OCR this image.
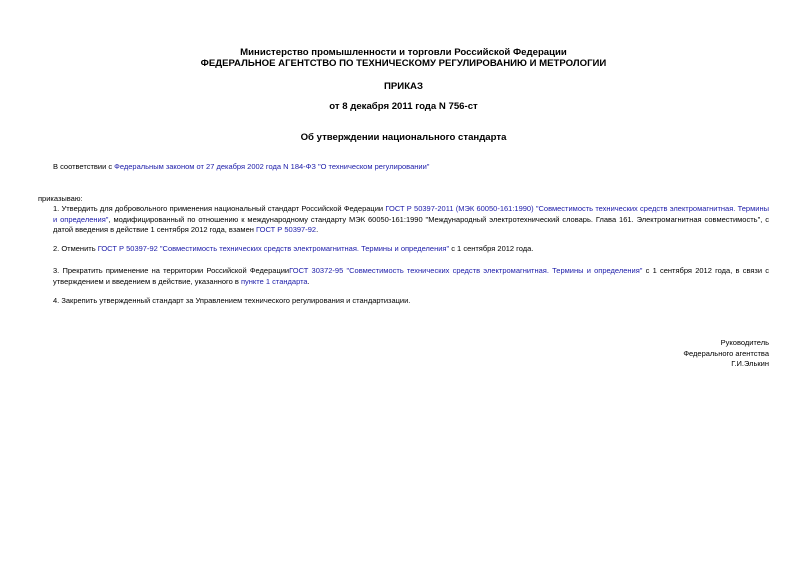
Министерство промышленности и торговли Российской Федерации
ФЕДЕРАЛЬНОЕ АГЕНТСТВО ПО ТЕХНИЧЕСКОМУ РЕГУЛИРОВАНИЮ И МЕТРОЛОГИИ
ПРИКАЗ
от 8 декабря 2011 года N 756-ст
Об утверждении национального стандарта
В соответствии с Федеральным законом от 27 декабря 2002 года N 184-ФЗ "О техническом регулировании"
приказываю:
1. Утвердить для добровольного применения национальный стандарт Российской Федерации ГОСТ Р 50397-2011 (МЭК 60050-161:1990) "Совместимость технических средств электромагнитная. Термины и определения", модифицированный по отношению к международному стандарту МЭК 60050-161:1990 "Международный электротехнический словарь. Глава 161. Электромагнитная совместимость", с датой введения в действие 1 сентября 2012 года, взамен ГОСТ Р 50397-92.
2. Отменить ГОСТ Р 50397-92 "Совместимость технических средств электромагнитная. Термины и определения" с 1 сентября 2012 года.
3. Прекратить применение на территории Российской ФедерацииГОСТ 30372-95 "Совместимость технических средств электромагнитная. Термины и определения" с 1 сентября 2012 года, в связи с утверждением и введением в действие, указанного в пункте 1 стандарта.
4. Закрепить утвержденный стандарт за Управлением технического регулирования и стандартизации.
Руководитель
Федерального агентства
Г.И.Элькин
